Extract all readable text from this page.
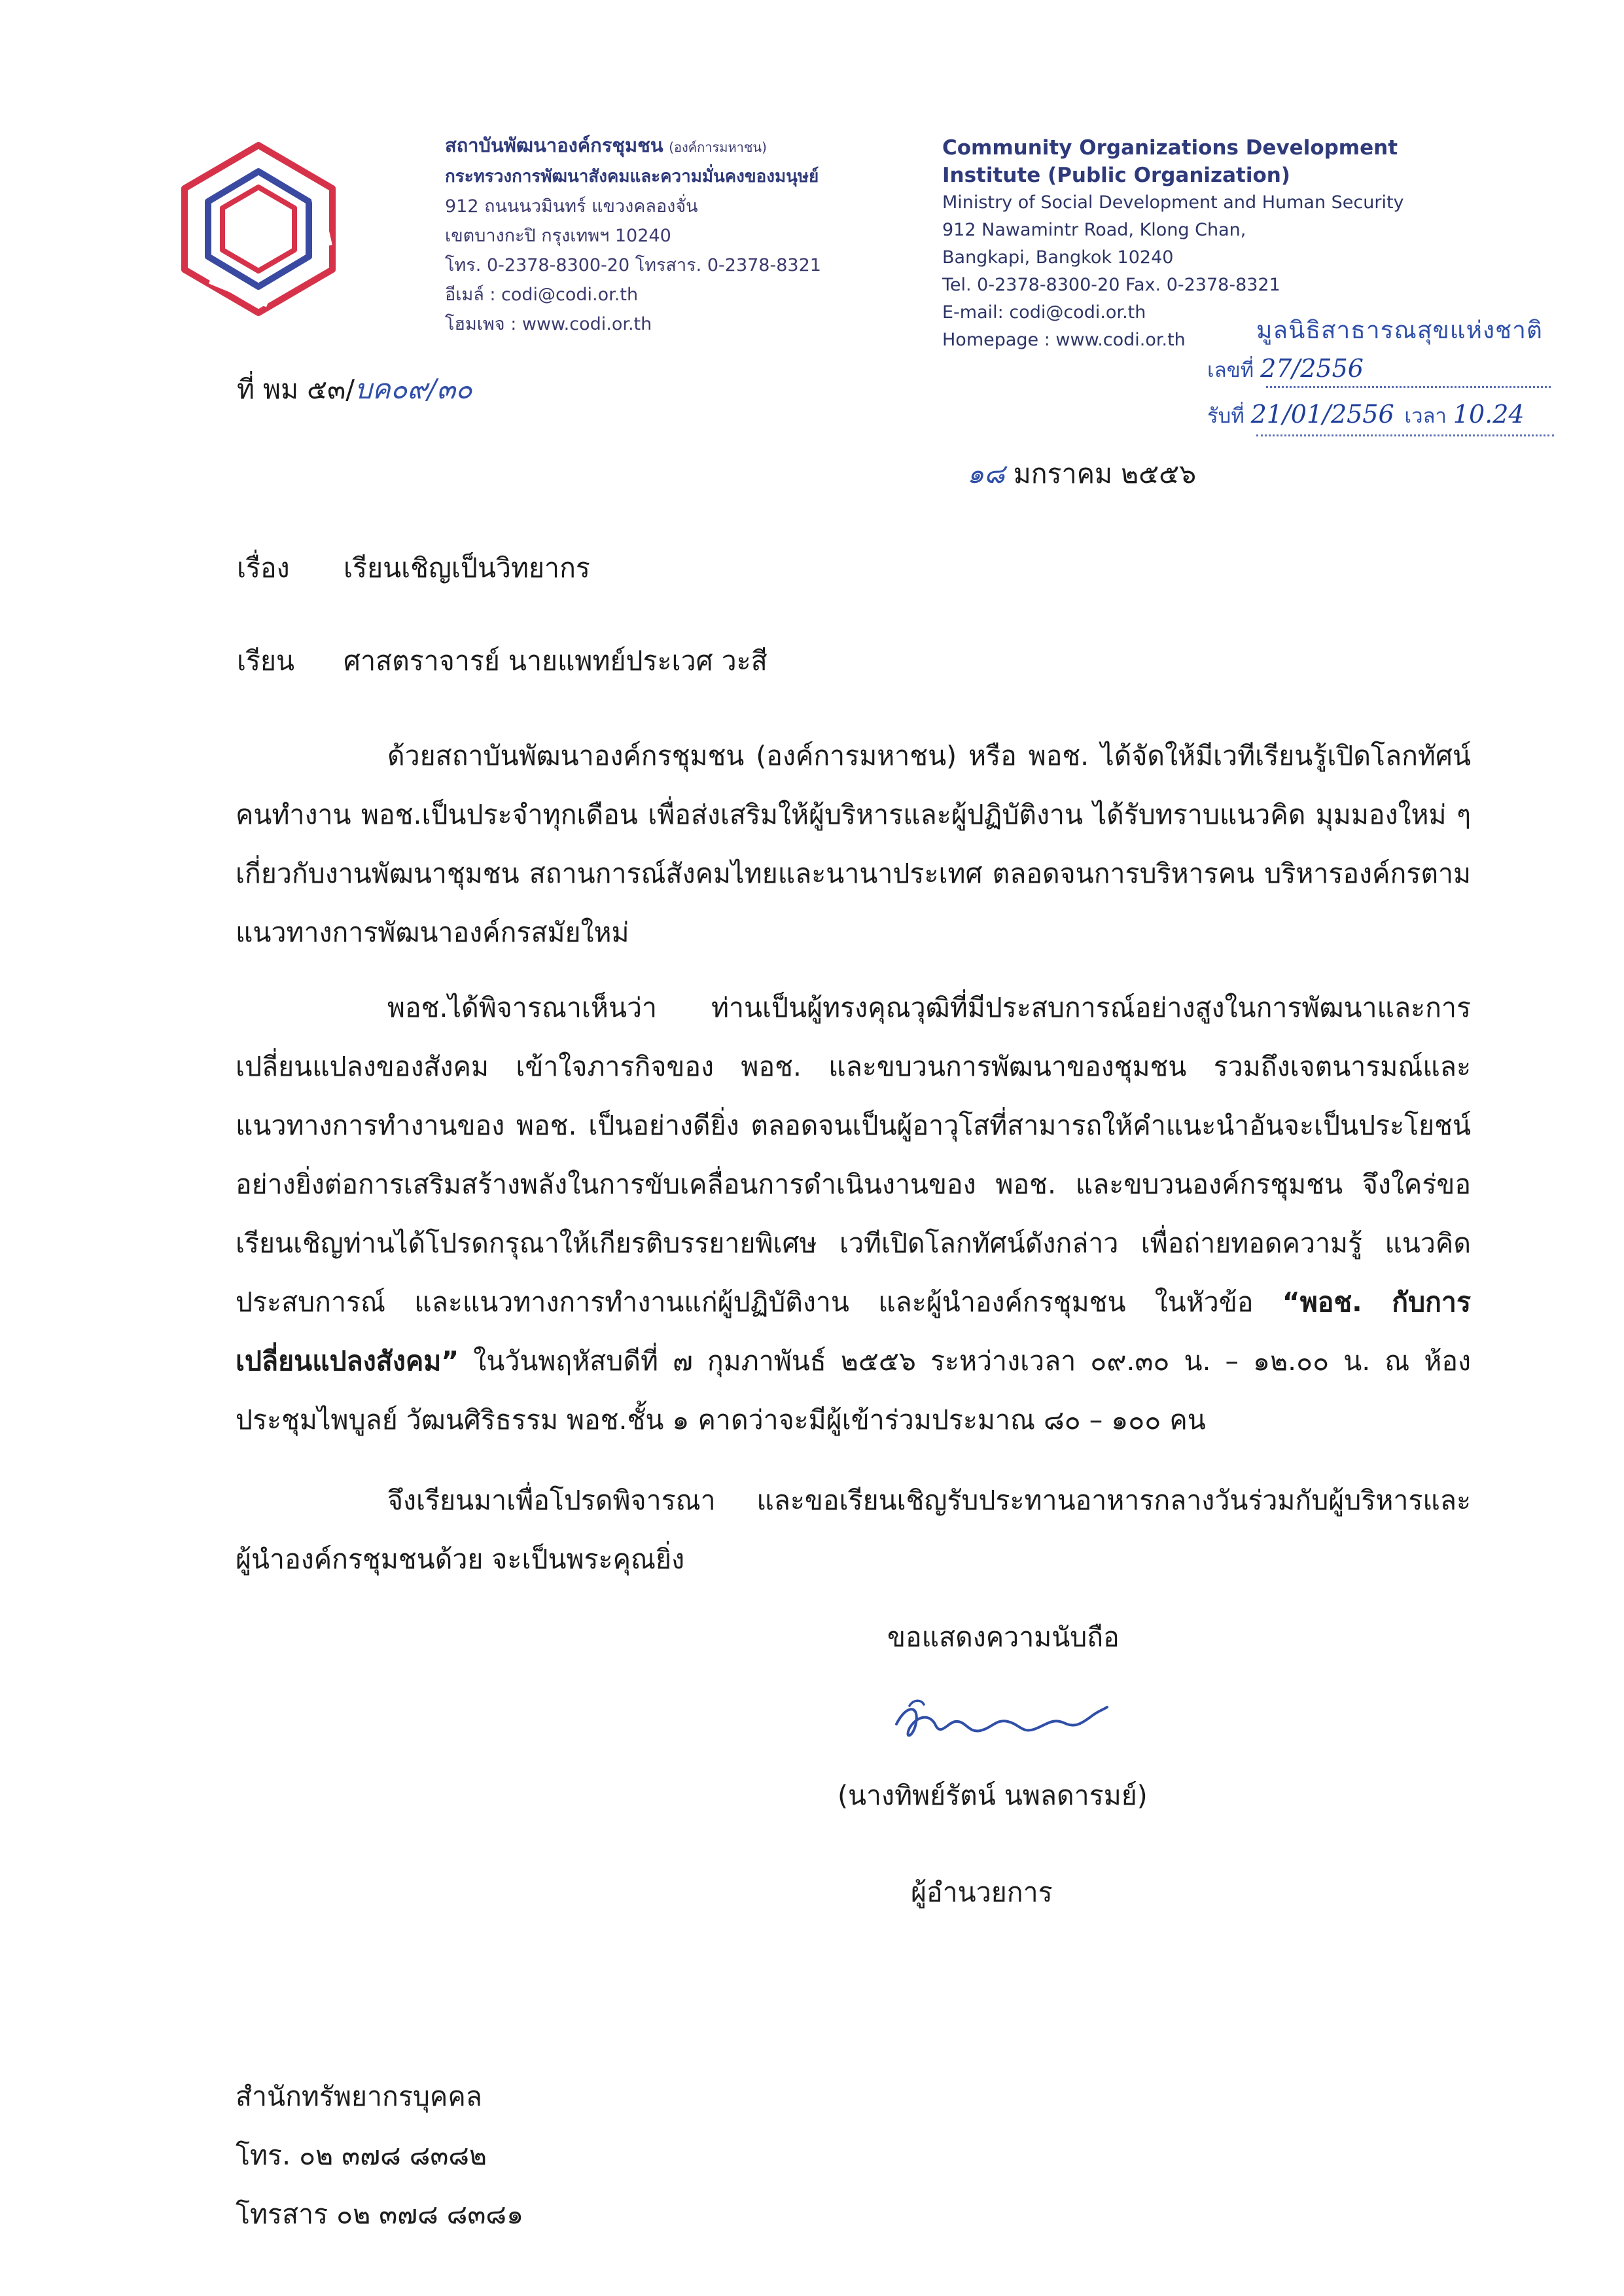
สถาบันพัฒนาองค์กรชุมชน (องค์การมหาชน)
กระทรวงการพัฒนาสังคมและความมั่นคงของมนุษย์
912 ถนนนวมินทร์ แขวงคลองจั่น
เขตบางกะปิ กรุงเทพฯ 10240
โทร. 0-2378-8300-20 โทรสาร. 0-2378-8321
อีเมล์ : codi@codi.or.th
โฮมเพจ : www.codi.or.th
Community Organizations Development
Institute (Public Organization)
Ministry of Social Development and Human Security
912 Nawamintr Road, Klong Chan,
Bangkapi, Bangkok 10240
Tel. 0-2378-8300-20 Fax. 0-2378-8321
E-mail: codi@codi.or.th
Homepage : www.codi.or.th	มูลนิธิสาธารณสุขแห่งชาติ
เลขที่ 27/2556
รับที่ 21/01/2556 เวลา 10.24
ที่ พม ๕๓/บค๐๙/๓๐
๑๘ มกราคม ๒๕๕๖
เรื่อง เรียนเชิญเป็นวิทยากร
เรียน ศาสตราจารย์ นายแพทย์ประเวศ วะสี
ด้วยสถาบันพัฒนาองค์กรชุมชน (องค์การมหาชน) หรือ พอช. ได้จัดให้มีเวทีเรียนรู้เปิดโลกทัศน์คนทำงาน พอช.เป็นประจำทุกเดือน เพื่อส่งเสริมให้ผู้บริหารและผู้ปฏิบัติงาน ได้รับทราบแนวคิด มุมมองใหม่ ๆ เกี่ยวกับงานพัฒนาชุมชน สถานการณ์สังคมไทยและนานาประเทศ ตลอดจนการบริหารคน บริหารองค์กรตามแนวทางการพัฒนาองค์กรสมัยใหม่
พอช.ได้พิจารณาเห็นว่า ท่านเป็นผู้ทรงคุณวุฒิที่มีประสบการณ์อย่างสูงในการพัฒนาและการเปลี่ยนแปลงของสังคม เข้าใจภารกิจของ พอช. และขบวนการพัฒนาของชุมชน รวมถึงเจตนารมณ์และแนวทางการทำงานของ พอช. เป็นอย่างดียิ่ง ตลอดจนเป็นผู้อาวุโสที่สามารถให้คำแนะนำอันจะเป็นประโยชน์อย่างยิ่งต่อการเสริมสร้างพลังในการขับเคลื่อนการดำเนินงานของ พอช. และขบวนองค์กรชุมชน จึงใคร่ขอเรียนเชิญท่านได้โปรดกรุณาให้เกียรติบรรยายพิเศษ เวทีเปิดโลกทัศน์ดังกล่าว เพื่อถ่ายทอดความรู้ แนวคิด ประสบการณ์ และแนวทางการทำงานแก่ผู้ปฏิบัติงาน และผู้นำองค์กรชุมชน ในหัวข้อ “พอช. กับการเปลี่ยนแปลงสังคม” ในวันพฤหัสบดีที่ ๗ กุมภาพันธ์ ๒๕๕๖ ระหว่างเวลา ๐๙.๓๐ น. – ๑๒.๐๐ น. ณ ห้องประชุมไพบูลย์ วัฒนศิริธรรม พอช.ชั้น ๑ คาดว่าจะมีผู้เข้าร่วมประมาณ ๘๐ – ๑๐๐ คน
จึงเรียนมาเพื่อโปรดพิจารณา และขอเรียนเชิญรับประทานอาหารกลางวันร่วมกับผู้บริหารและผู้นำองค์กรชุมชนด้วย จะเป็นพระคุณยิ่ง
ขอแสดงความนับถือ
(นางทิพย์รัตน์ นพลดารมย์)
ผู้อำนวยการ
สำนักทรัพยากรบุคคล
โทร. ๐๒ ๓๗๘ ๘๓๘๒
โทรสาร ๐๒ ๓๗๘ ๘๓๘๑
